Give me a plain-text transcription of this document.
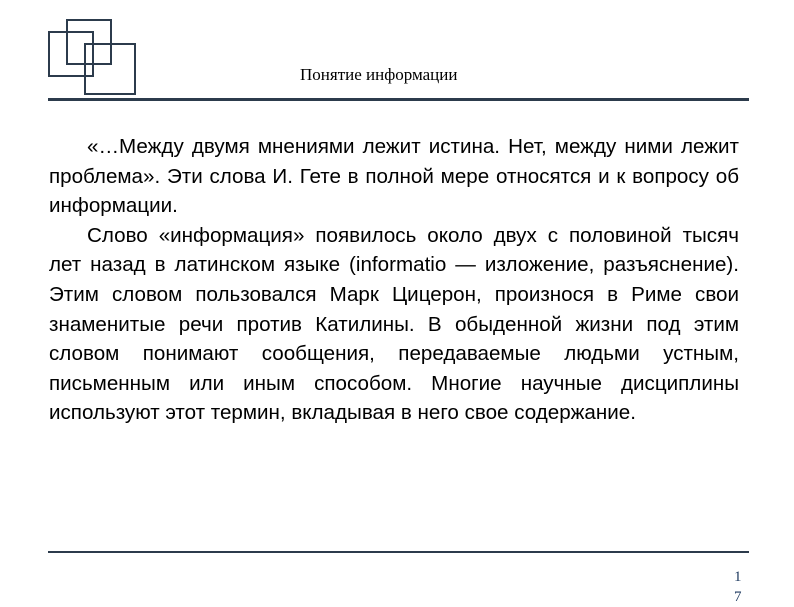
Понятие информации

«…Между двумя мнениями лежит истина. Нет, между ними лежит проблема». Эти слова И. Гете в полной мере относятся и к вопросу об информации.

Слово «информация» появилось около двух с половиной тысяч лет назад в латинском языке (informatio — изложение, разъяснение). Этим словом пользовался Марк Цицерон, произнося в Риме свои знаменитые речи против Катилины. В обыденной жизни под этим словом понимают сообщения, передаваемые людьми устным, письменным или иным способом. Многие научные дисциплины используют этот термин, вкладывая в него свое содержание.

17
